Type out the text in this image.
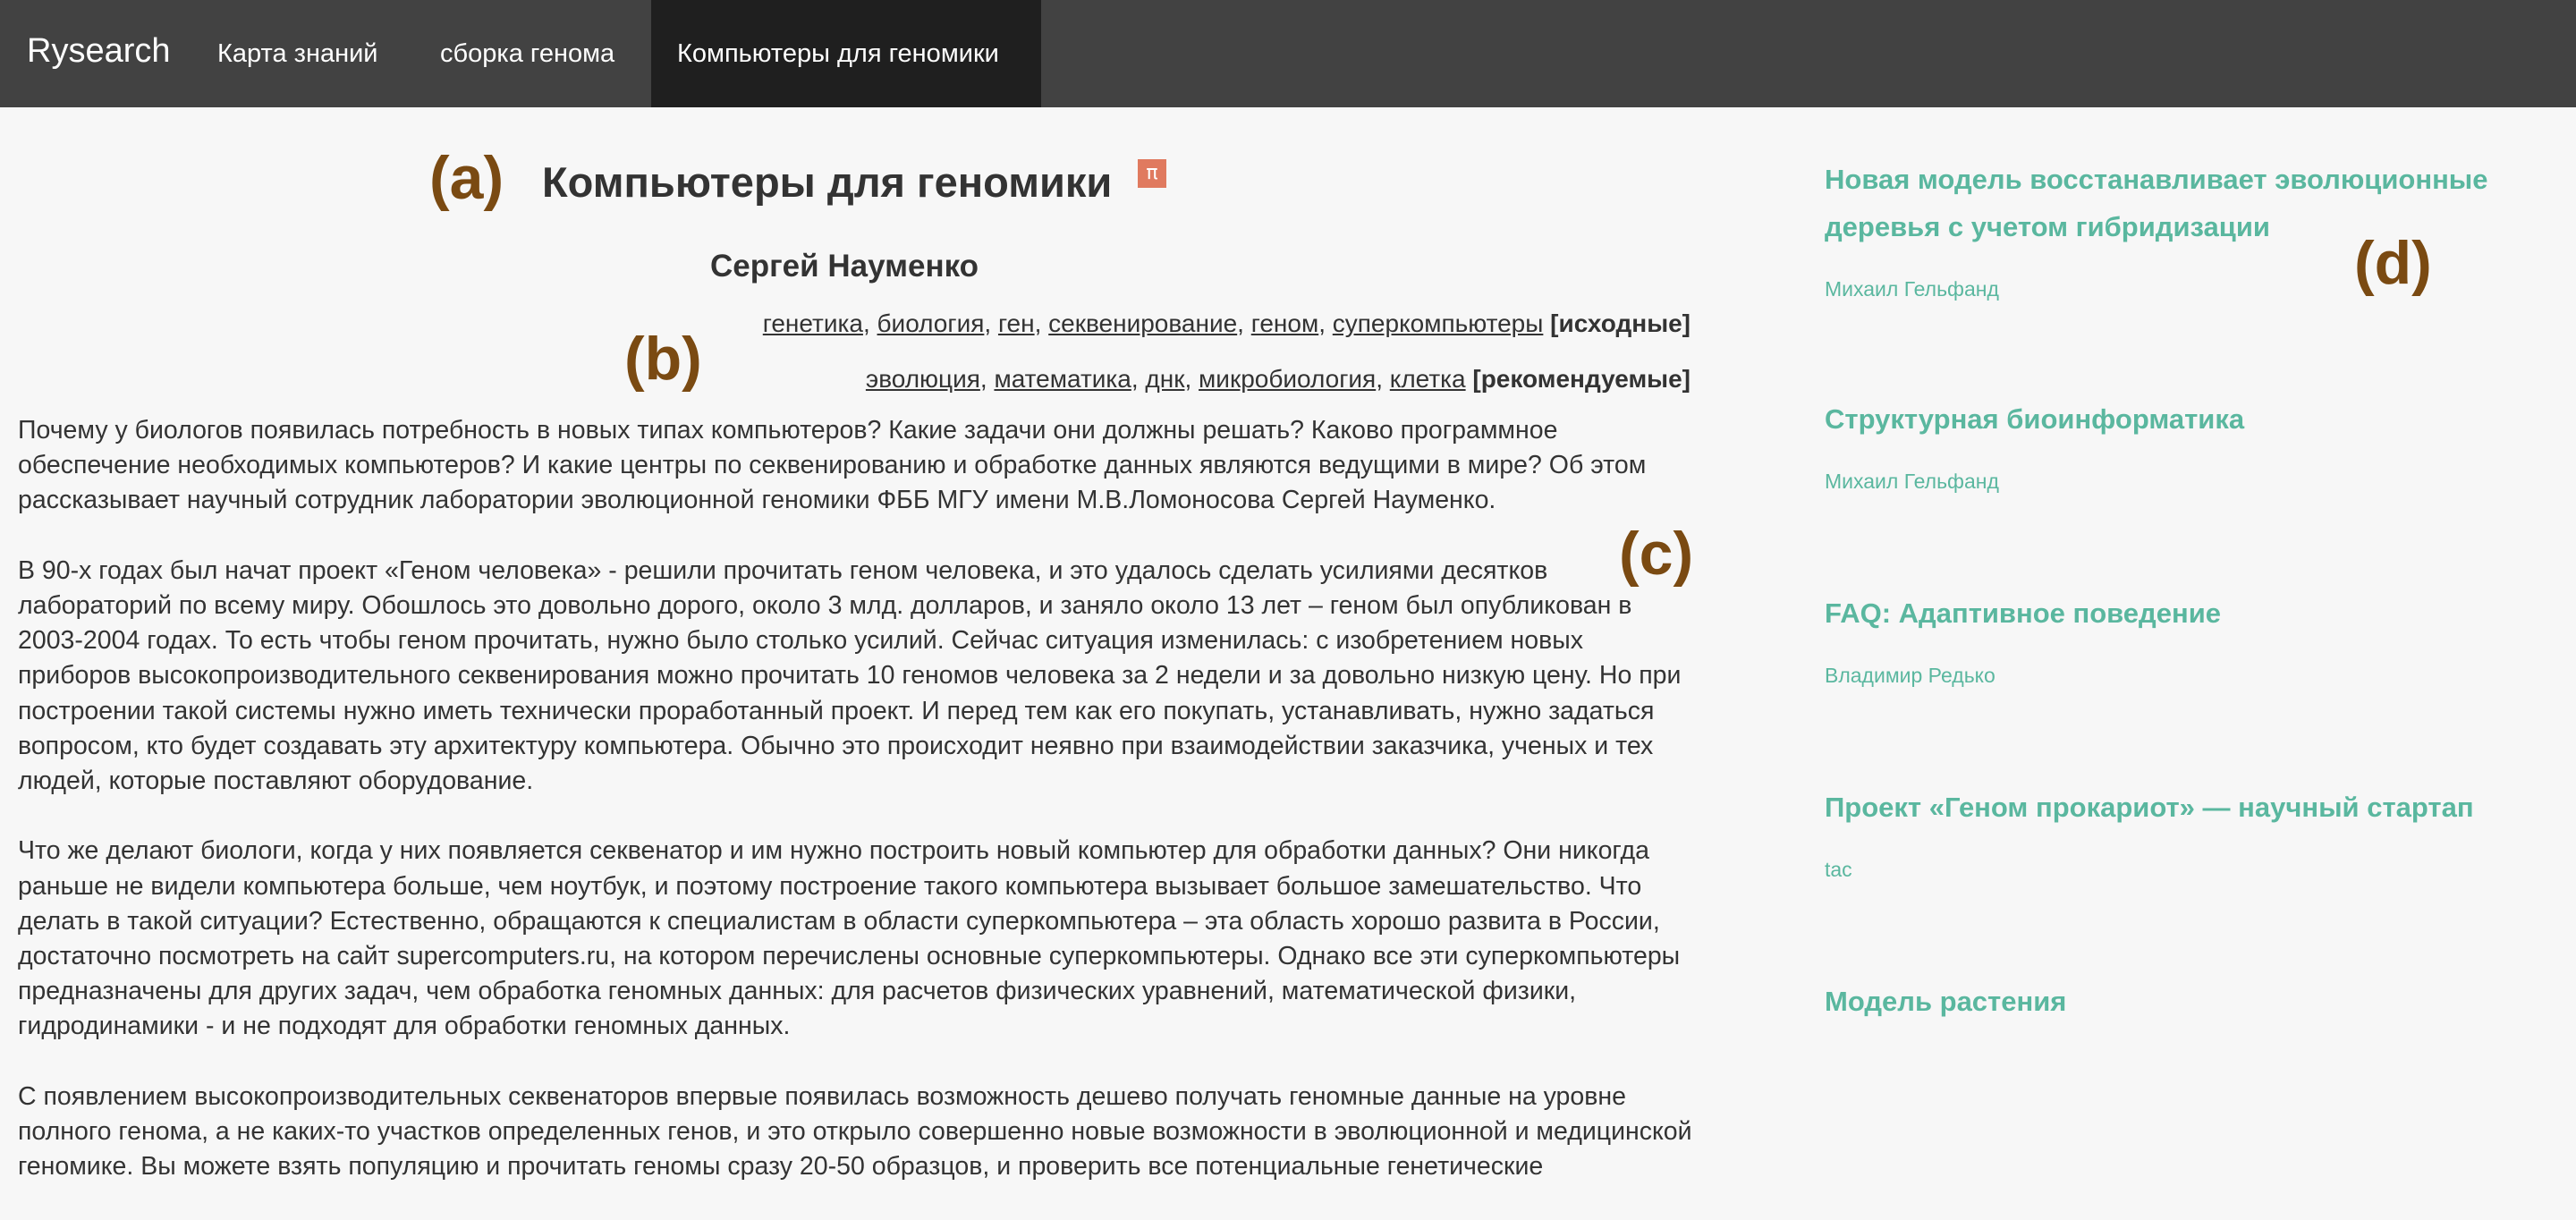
Rysearch	Карта знаний	сборка генома	Компьютеры для геномики
(a)
(b)
(c)
(d)
Компьютеры для геномики	π
Сергей Науменко
генетика, биология, ген, секвенирование, геном, суперкомпьютеры [исходные]
эволюция, математика, днк, микробиология, клетка [рекомендуемые]

Почему у биологов появилась потребность в новых типах компьютеров? Какие задачи они должны решать? Каково программное обеспечение необходимых компьютеров? И какие центры по секвенированию и обработке данных являются ведущими в мире? Об этом рассказывает научный сотрудник лаборатории эволюционной геномики ФББ МГУ имени М.В.Ломоносова Сергей Науменко.

В 90-х годах был начат проект «Геном человека» - решили прочитать геном человека, и это удалось сделать усилиями десятков лабораторий по всему миру. Обошлось это довольно дорого, около 3 млд. долларов, и заняло около 13 лет – геном был опубликован в 2003-2004 годах. То есть чтобы геном прочитать, нужно было столько усилий. Сейчас ситуация изменилась: с изобретением новых приборов высокопроизводительного секвенирования можно прочитать 10 геномов человека за 2 недели и за довольно низкую цену. Но при построении такой системы нужно иметь технически проработанный проект. И перед тем как его покупать, устанавливать, нужно задаться вопросом, кто будет создавать эту архитектуру компьютера. Обычно это происходит неявно при взаимодействии заказчика, ученых и тех людей, которые поставляют оборудование.

Что же делают биологи, когда у них появляется секвенатор и им нужно построить новый компьютер для обработки данных? Они никогда раньше не видели компьютера больше, чем ноутбук, и поэтому построение такого компьютера вызывает большое замешательство. Что делать в такой ситуации? Естественно, обращаются к специалистам в области суперкомпьютера – эта область хорошо развита в России, достаточно посмотреть на сайт supercomputers.ru, на котором перечислены основные суперкомпьютеры. Однако все эти суперкомпьютеры предназначены для других задач, чем обработка геномных данных: для расчетов физических уравнений, математической физики, гидродинамики - и не подходят для обработки геномных данных.

С появлением высокопроизводительных секвенаторов впервые появилась возможность дешево получать геномные данные на уровне полного генома, а не каких-то участков определенных генов, и это открыло совершенно новые возможности в эволюционной и медицинской геномике. Вы можете взять популяцию и прочитать геномы сразу 20-50 образцов, и проверить все потенциальные генетические

Новая модель восстанавливает эволюционные деревья с учетом гибридизации
Михаил Гельфанд
Структурная биоинформатика
Михаил Гельфанд
FAQ: Адаптивное поведение
Владимир Редько
Проект «Геном прокариот» — научный стартап
tac
Модель растения
